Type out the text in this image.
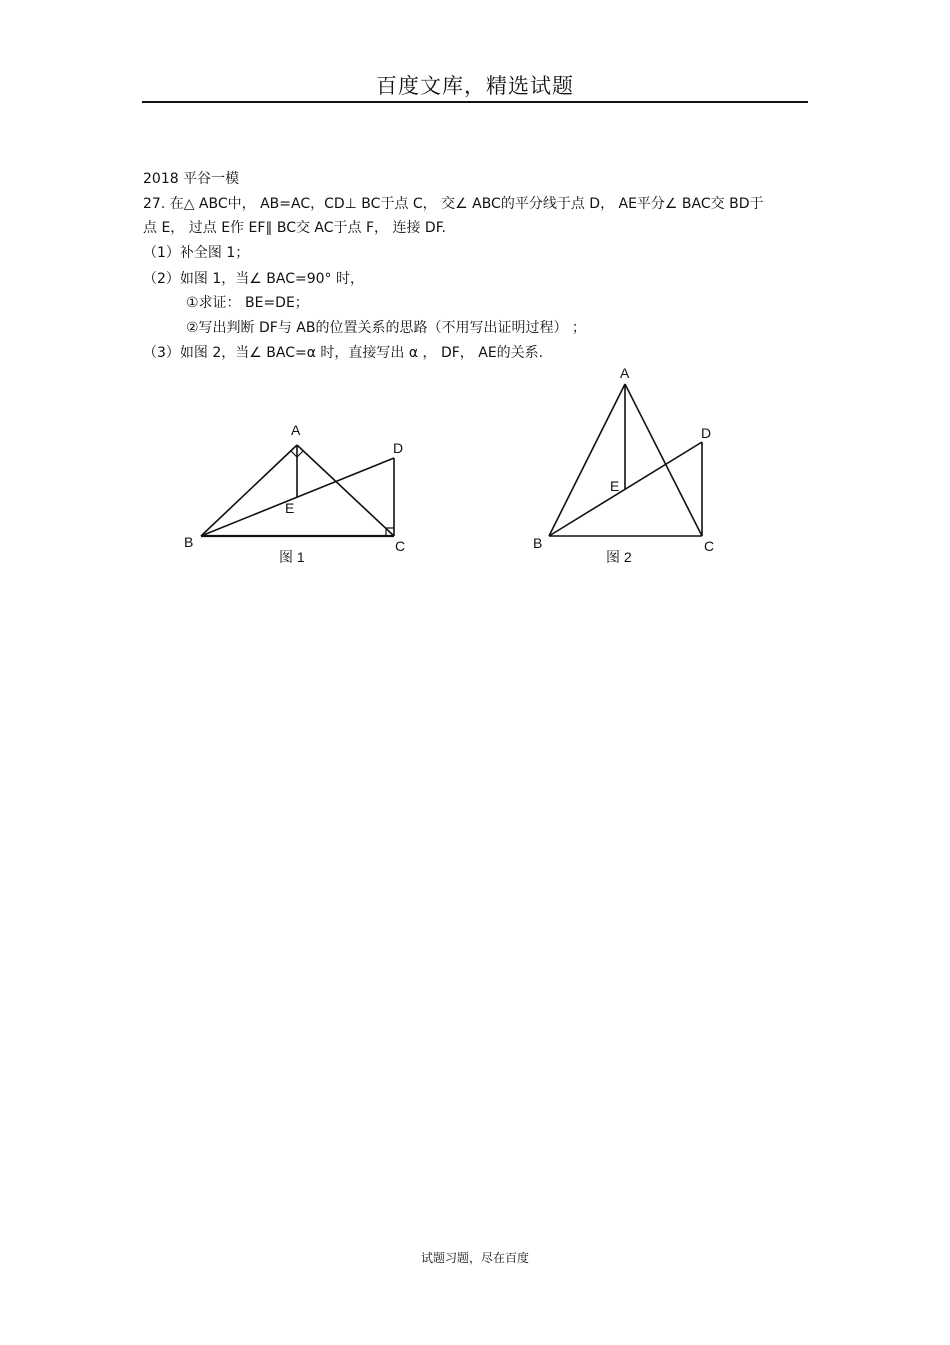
百度文库，精选试题
2018 平谷一模
27. 在△ ABC中， AB=AC，CD⊥ BC于点 C， 交∠ ABC的平分线于点 D， AE平分∠ BAC交 BD于
点 E， 过点 E作 EF∥ BC交 AC于点 F， 连接 DF.
（1）补全图 1；
（2）如图 1，当∠ BAC=90° 时，
①求证： BE=DE；
②写出判断 DF与 AB的位置关系的思路（不用写出证明过程） ；
（3）如图 2，当∠ BAC=α 时，直接写出 α ， DF， AE的关系.
A
B	C
D
E
图 1
A
B	C
D
E
图 2
试题习题，尽在百度
